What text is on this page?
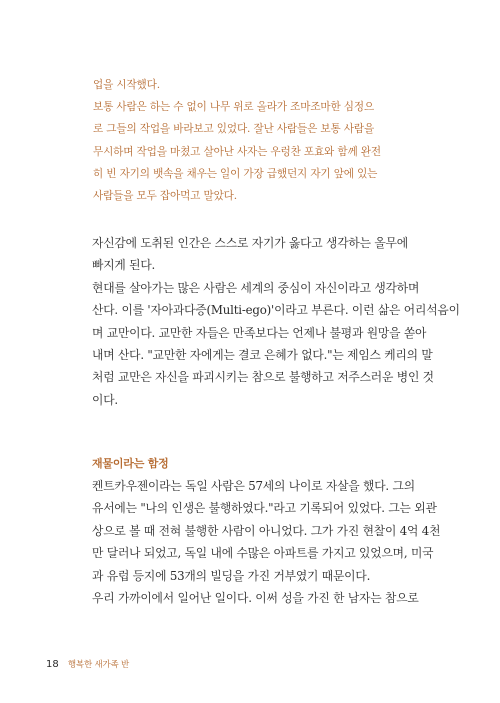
업을 시작했다.

보통 사람은 하는 수 없이 나무 위로 올라가 조마조마한 심정으

로 그들의 작업을 바라보고 있었다. 잘난 사람들은 보통 사람을

무시하며 작업을 마쳤고 살아난 사자는 우렁찬 포효와 함께 완전

히 빈 자기의 뱃속을 채우는 일이 가장 급했던지 자기 앞에 있는

사람들을 모두 잡아먹고 말았다.

자신감에 도취된 인간은 스스로 자기가 옳다고 생각하는 올무에

빠지게 된다.

현대를 살아가는 많은 사람은 세계의 중심이 자신이라고 생각하며

산다. 이를 '자아과다증(Multi-ego)'이라고 부른다. 이런 삶은 어리석음이

며 교만이다. 교만한 자들은 만족보다는 언제나 불평과 원망을 쏟아

내며 산다. "교만한 자에게는 결코 은혜가 없다."는 제임스 케리의 말

처럼 교만은 자신을 파괴시키는 참으로 불행하고 저주스러운 병인 것

이다.

재물이라는 함정

켄트카우젠이라는 독일 사람은 57세의 나이로 자살을 했다. 그의

유서에는 "나의 인생은 불행하였다."라고 기록되어 있었다. 그는 외관

상으로 볼 때 전혀 불행한 사람이 아니었다. 그가 가진 현찰이 4억 4천

만 달러나 되었고, 독일 내에 수많은 아파트를 가지고 있었으며, 미국

과 유럽 등지에 53개의 빌딩을 가진 거부였기 때문이다.

우리 가까이에서 일어난 일이다. 이써 성을 가진 한 남자는 참으로

18 행복한 새가족 반
